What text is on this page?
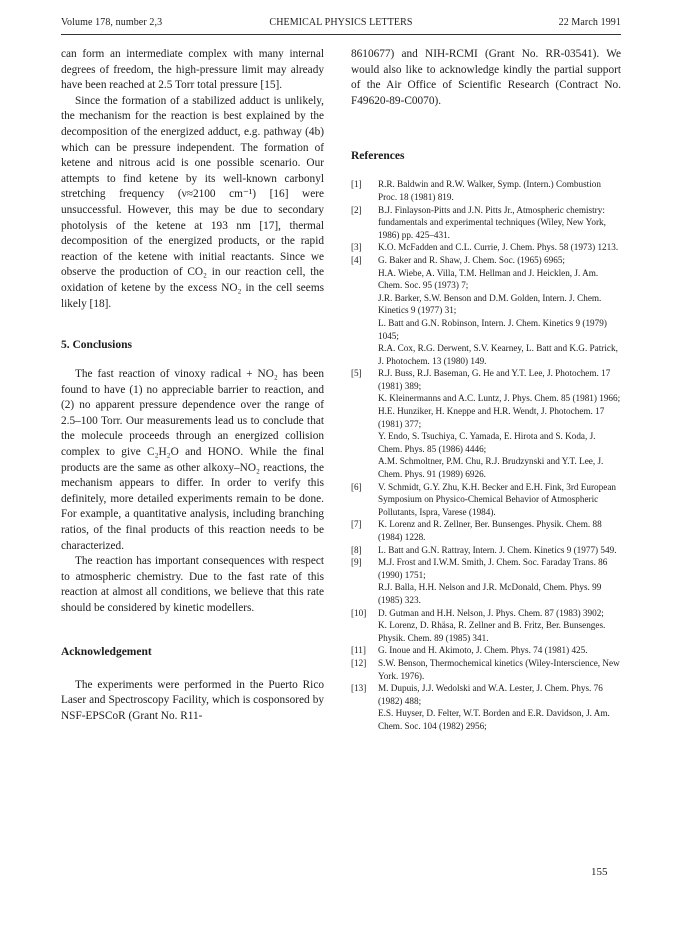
Volume 178, number 2,3	CHEMICAL PHYSICS LETTERS	22 March 1991

can form an intermediate complex with many internal degrees of freedom, the high-pressure limit may already have been reached at 2.5 Torr total pressure [15].

Since the formation of a stabilized adduct is unlikely, the mechanism for the reaction is best explained by the decomposition of the energized adduct, e.g. pathway (4b) which can be pressure independent. The formation of ketene and nitrous acid is one possible scenario. Our attempts to find ketene by its well-known carbonyl stretching frequency (ν≈2100 cm⁻¹) [16] were unsuccessful. However, this may be due to secondary photolysis of the ketene at 193 nm [17], thermal decomposition of the energized products, or the rapid reaction of the ketene with initial reactants. Since we observe the production of CO₂ in our reaction cell, the oxidation of ketene by the excess NO₂ in the cell seems likely [18].

5. Conclusions

The fast reaction of vinoxy radical + NO₂ has been found to have (1) no appreciable barrier to reaction, and (2) no apparent pressure dependence over the range of 2.5–100 Torr. Our measurements lead us to conclude that the molecule proceeds through an energized collision complex to give C₂H₂O and HONO. While the final products are the same as other alkoxy–NO₂ reactions, the mechanism appears to differ. In order to verify this definitely, more detailed experiments remain to be done. For example, a quantitative analysis, including branching ratios, of the final products of this reaction needs to be characterized.

The reaction has important consequences with respect to atmospheric chemistry. Due to the fast rate of this reaction at almost all conditions, we believe that this rate should be considered by kinetic modellers.

Acknowledgement

The experiments were performed in the Puerto Rico Laser and Spectroscopy Facility, which is cosponsored by NSF-EPSCoR (Grant No. R11-

8610677) and NIH-RCMI (Grant No. RR-03541). We would also like to acknowledge kindly the partial support of the Air Office of Scientific Research (Contract No. F49620-89-C0070).

References
[1] R.R. Baldwin and R.W. Walker, Symp. (Intern.) Combustion Proc. 18 (1981) 819.
[2] B.J. Finlayson-Pitts and J.N. Pitts Jr., Atmospheric chemistry: fundamentals and experimental techniques (Wiley, New York, 1986) pp. 425–431.
[3] K.O. McFadden and C.L. Currie, J. Chem. Phys. 58 (1973) 1213.
[4] G. Baker and R. Shaw, J. Chem. Soc. (1965) 6965;
H.A. Wiebe, A. Villa, T.M. Hellman and J. Heicklen, J. Am. Chem. Soc. 95 (1973) 7;
J.R. Barker, S.W. Benson and D.M. Golden, Intern. J. Chem. Kinetics 9 (1977) 31;
L. Batt and G.N. Robinson, Intern. J. Chem. Kinetics 9 (1979) 1045;
R.A. Cox, R.G. Derwent, S.V. Kearney, L. Batt and K.G. Patrick, J. Photochem. 13 (1980) 149.
[5] R.J. Buss, R.J. Baseman, G. He and Y.T. Lee, J. Photochem. 17 (1981) 389;
K. Kleinermanns and A.C. Luntz, J. Phys. Chem. 85 (1981) 1966;
H.E. Hunziker, H. Kneppe and H.R. Wendt, J. Photochem. 17 (1981) 377;
Y. Endo, S. Tsuchiya, C. Yamada, E. Hirota and S. Koda, J. Chem. Phys. 85 (1986) 4446;
A.M. Schmoltner, P.M. Chu, R.J. Brudzynski and Y.T. Lee, J. Chem. Phys. 91 (1989) 6926.
[6] V. Schmidt, G.Y. Zhu, K.H. Becker and E.H. Fink, 3rd European Symposium on Physico-Chemical Behavior of Atmospheric Pollutants, Ispra, Varese (1984).
[7] K. Lorenz and R. Zellner, Ber. Bunsenges. Physik. Chem. 88 (1984) 1228.
[8] L. Batt and G.N. Rattray, Intern. J. Chem. Kinetics 9 (1977) 549.
[9] M.J. Frost and I.W.M. Smith, J. Chem. Soc. Faraday Trans. 86 (1990) 1751;
R.J. Balla, H.H. Nelson and J.R. McDonald, Chem. Phys. 99 (1985) 323.
[10] D. Gutman and H.H. Nelson, J. Phys. Chem. 87 (1983) 3902;
K. Lorenz, D. Rhäsa, R. Zellner and B. Fritz, Ber. Bunsenges. Physik. Chem. 89 (1985) 341.
[11] G. Inoue and H. Akimoto, J. Chem. Phys. 74 (1981) 425.
[12] S.W. Benson, Thermochemical kinetics (Wiley-Interscience, New York. 1976).
[13] M. Dupuis, J.J. Wedolski and W.A. Lester, J. Chem. Phys. 76 (1982) 488;
E.S. Huyser, D. Felter, W.T. Borden and E.R. Davidson, J. Am. Chem. Soc. 104 (1982) 2956;
155
